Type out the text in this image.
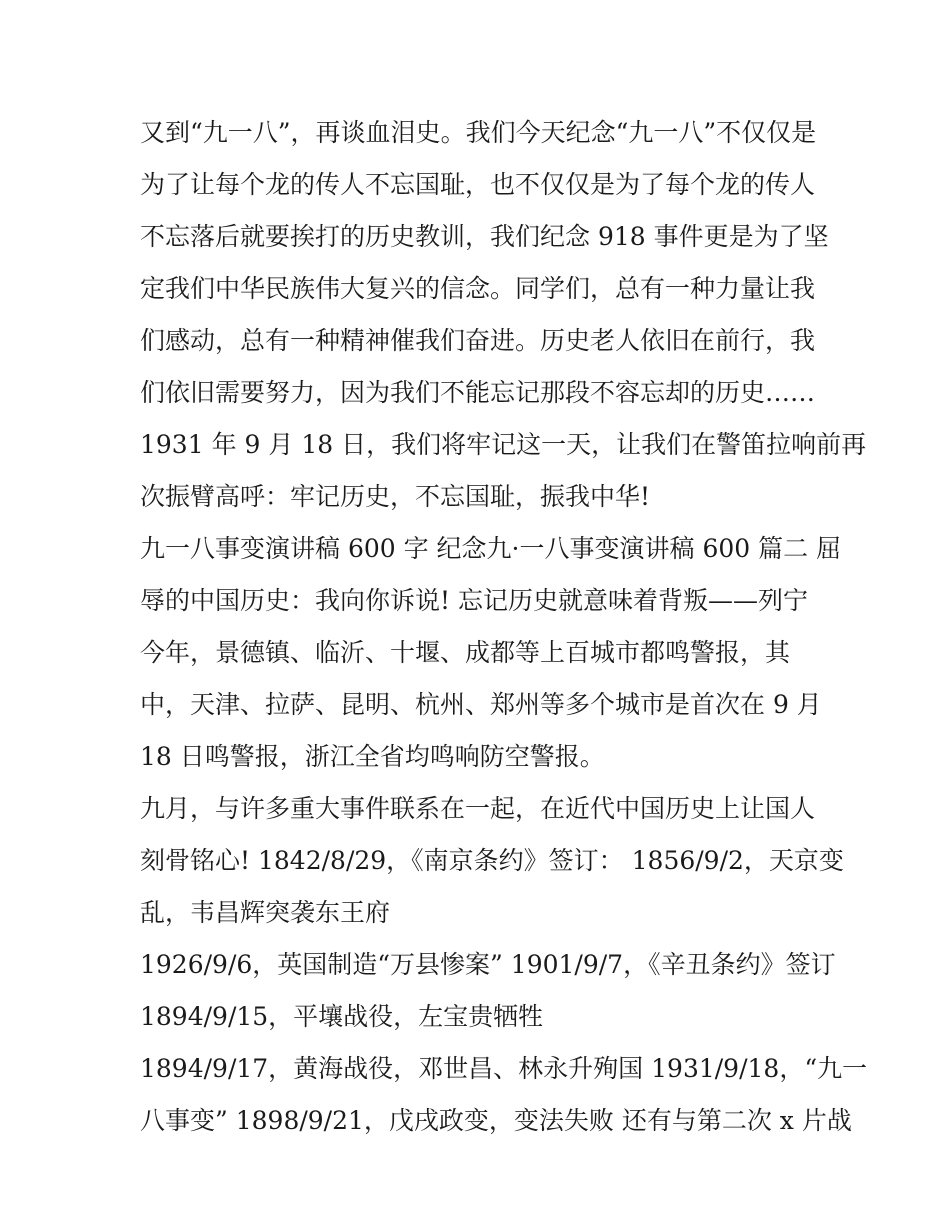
又到“九一八”，再谈血泪史。我们今天纪念“九一八”不仅仅是
为了让每个龙的传人不忘国耻，也不仅仅是为了每个龙的传人
不忘落后就要挨打的历史教训，我们纪念 918 事件更是为了坚
定我们中华民族伟大复兴的信念。同学们，总有一种力量让我
们感动，总有一种精神催我们奋进。历史老人依旧在前行，我
们依旧需要努力，因为我们不能忘记那段不容忘却的历史……
1931 年 9 月 18 日，我们将牢记这一天，让我们在警笛拉响前再
次振臂高呼：牢记历史，不忘国耻，振我中华!
九一八事变演讲稿 600 字 纪念九·一八事变演讲稿 600 篇二 屈
辱的中国历史：我向你诉说! 忘记历史就意味着背叛——列宁
今年，景德镇、临沂、十堰、成都等上百城市都鸣警报，其
中，天津、拉萨、昆明、杭州、郑州等多个城市是首次在 9 月
18 日鸣警报，浙江全省均鸣响防空警报。
九月，与许多重大事件联系在一起，在近代中国历史上让国人
刻骨铭心! 1842/8/29，《南京条约》签订： 1856/9/2，天京变
乱，韦昌辉突袭东王府
1926/9/6，英国制造“万县惨案” 1901/9/7，《辛丑条约》签订
1894/9/15，平壤战役，左宝贵牺牲
1894/9/17，黄海战役，邓世昌、林永升殉国 1931/9/18，“九一
八事变” 1898/9/21，戊戌政变，变法失败 还有与第二次 x 片战
